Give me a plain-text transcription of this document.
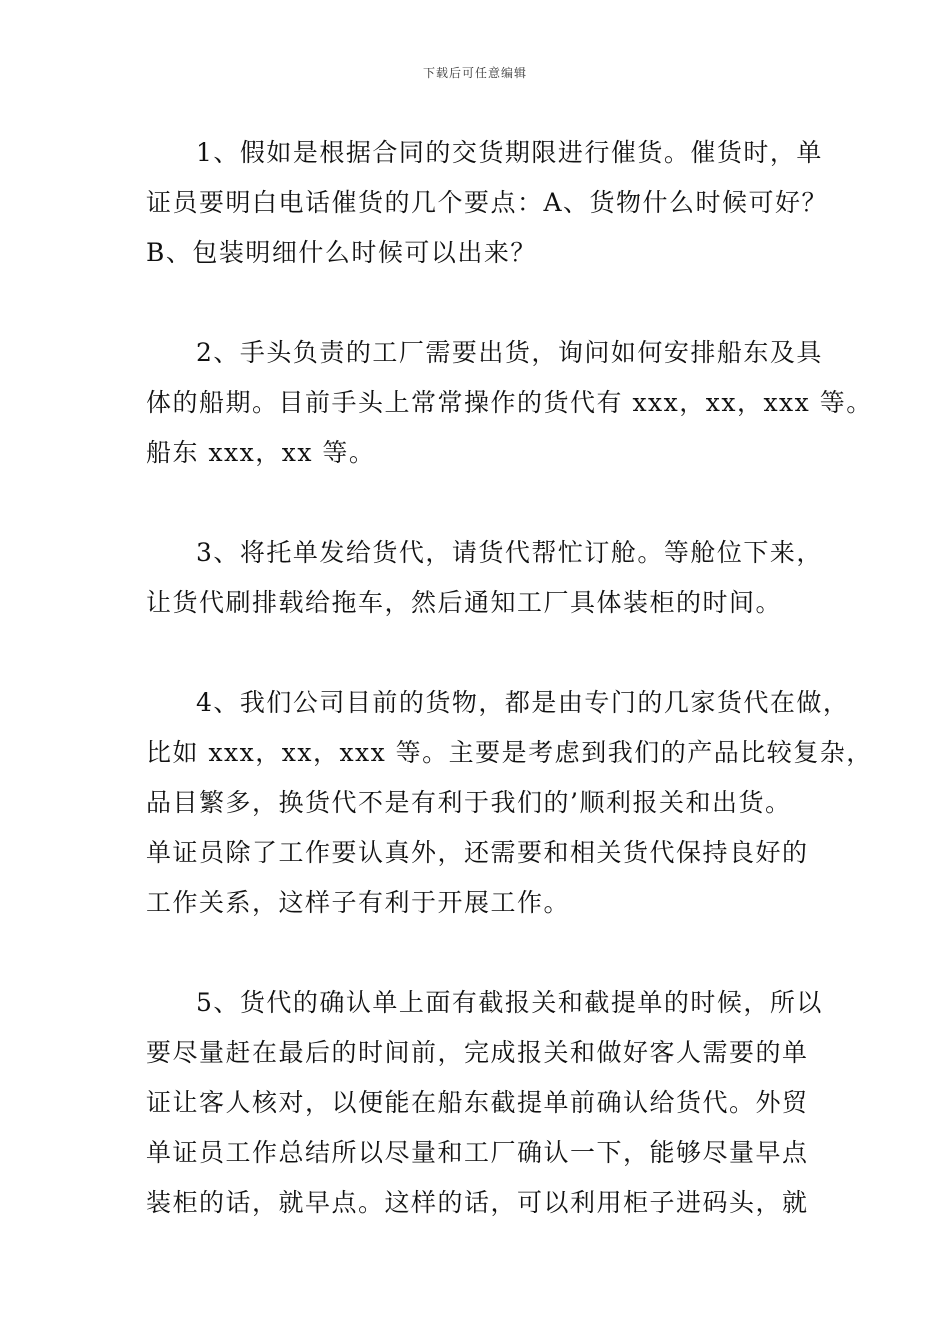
下载后可任意编辑
1、假如是根据合同的交货期限进行催货。催货时，单
证员要明白电话催货的几个要点：A、货物什么时候可好？
B、包装明细什么时候可以出来？
2、手头负责的工厂需要出货，询问如何安排船东及具
体的船期。目前手头上常常操作的货代有 xxx，xx，xxx 等。
船东 xxx，xx 等。
3、将托单发给货代，请货代帮忙订舱。等舱位下来，
让货代刷排载给拖车，然后通知工厂具体装柜的时间。
4、我们公司目前的货物，都是由专门的几家货代在做，
比如 xxx，xx，xxx 等。主要是考虑到我们的产品比较复杂，
品目繁多，换货代不是有利于我们的’顺利报关和出货。
单证员除了工作要认真外，还需要和相关货代保持良好的
工作关系，这样子有利于开展工作。
5、货代的确认单上面有截报关和截提单的时候，所以
要尽量赶在最后的时间前，完成报关和做好客人需要的单
证让客人核对，以便能在船东截提单前确认给货代。外贸
单证员工作总结所以尽量和工厂确认一下，能够尽量早点
装柜的话，就早点。这样的话，可以利用柜子进码头，就
